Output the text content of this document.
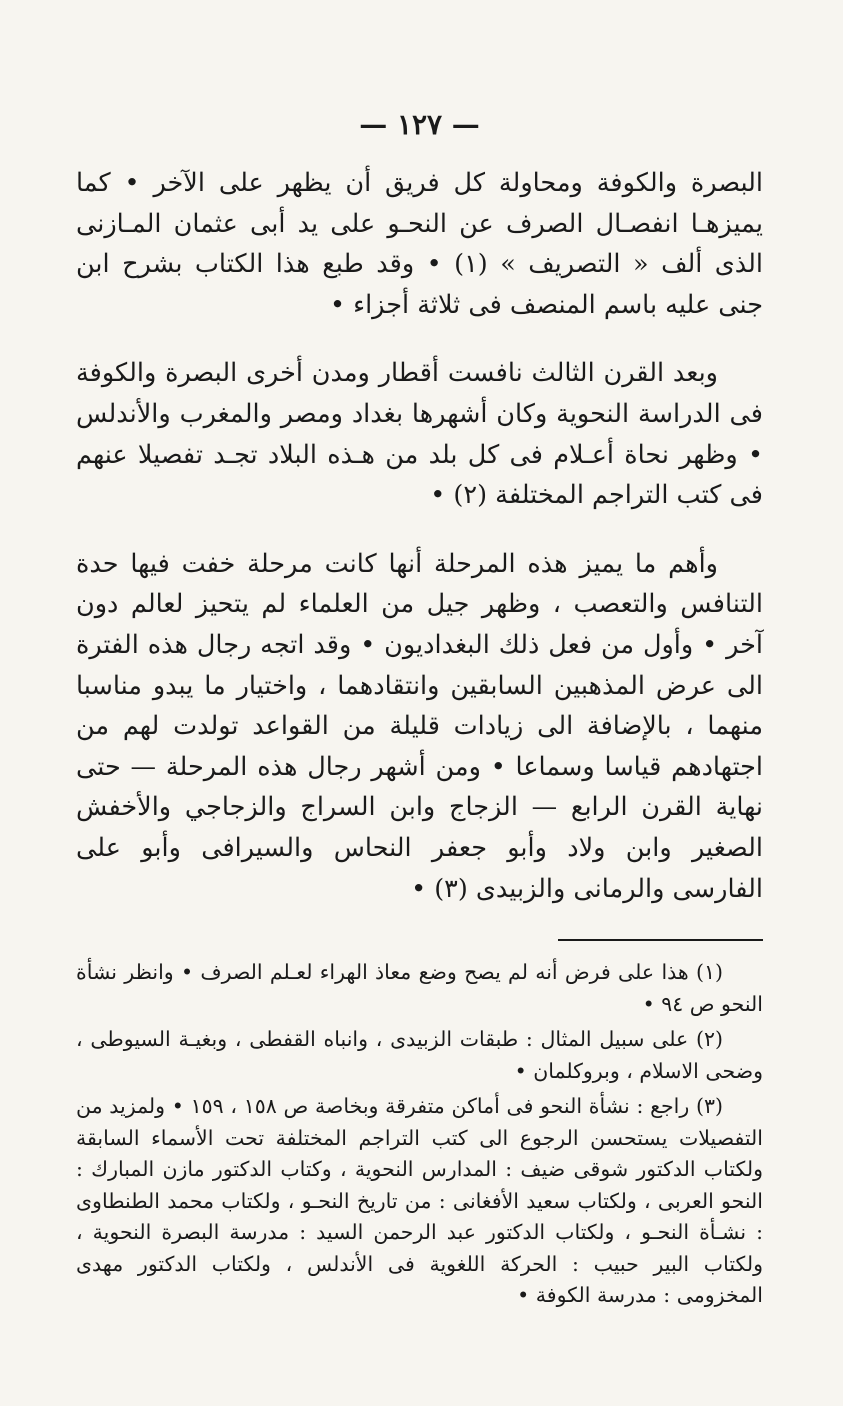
— ١٢٧ —

البصرة والكوفة ومحاولة كل فريق أن يظهر على الآخر • كما يميزهـا انفصـال الصرف عن النحـو على يد أبى عثمان المـازنى الذى ألف « التصريف » (١) • وقد طبع هذا الكتاب بشرح ابن جنى عليه باسم المنصف فى ثلاثة أجزاء •

وبعد القرن الثالث نافست أقطار ومدن أخرى البصرة والكوفة فى الدراسة النحوية وكان أشهرها بغداد ومصر والمغرب والأندلس • وظهر نحاة أعـلام فى كل بلد من هـذه البلاد تجـد تفصيلا عنهم فى كتب التراجم المختلفة (٢) •

وأهم ما يميز هذه المرحلة أنها كانت مرحلة خفت فيها حدة التنافس والتعصب ، وظهر جيل من العلماء لم يتحيز لعالم دون آخر • وأول من فعل ذلك البغداديون • وقد اتجه رجال هذه الفترة الى عرض المذهبين السابقين وانتقادهما ، واختيار ما يبدو مناسبا منهما ، بالإضافة الى زيادات قليلة من القواعد تولدت لهم من اجتهادهم قياسا وسماعا • ومن أشهر رجال هذه المرحلة — حتى نهاية القرن الرابع — الزجاج وابن السراج والزجاجي والأخفش الصغير وابن ولاد وأبو جعفر النحاس والسيرافى وأبو على الفارسى والرمانى والزبيدى (٣) •

(١) هذا على فرض أنه لم يصح وضع معاذ الهراء لعـلم الصرف • وانظر نشأة النحو ص ٩٤ •

(٢) على سبيل المثال : طبقات الزبيدى ، وانباه القفطى ، وبغيـة السيوطى ، وضحى الاسلام ، وبروكلمان •

(٣) راجع : نشأة النحو فى أماكن متفرقة وبخاصة ص ١٥٨ ، ١٥٩ • ولمزيد من التفصيلات يستحسن الرجوع الى كتب التراجم المختلفة تحت الأسماء السابقة ولكتاب الدكتور شوقى ضيف : المدارس النحوية ، وكتاب الدكتور مازن المبارك : النحو العربى ، ولكتاب سعيد الأفغانى : من تاريخ النحـو ، ولكتاب محمد الطنطاوى : نشـأة النحـو ، ولكتاب الدكتور عبد الرحمن السيد : مدرسة البصرة النحوية ، ولكتاب البير حبيب : الحركة اللغوية فى الأندلس ، ولكتاب الدكتور مهدى المخزومى : مدرسة الكوفة •
